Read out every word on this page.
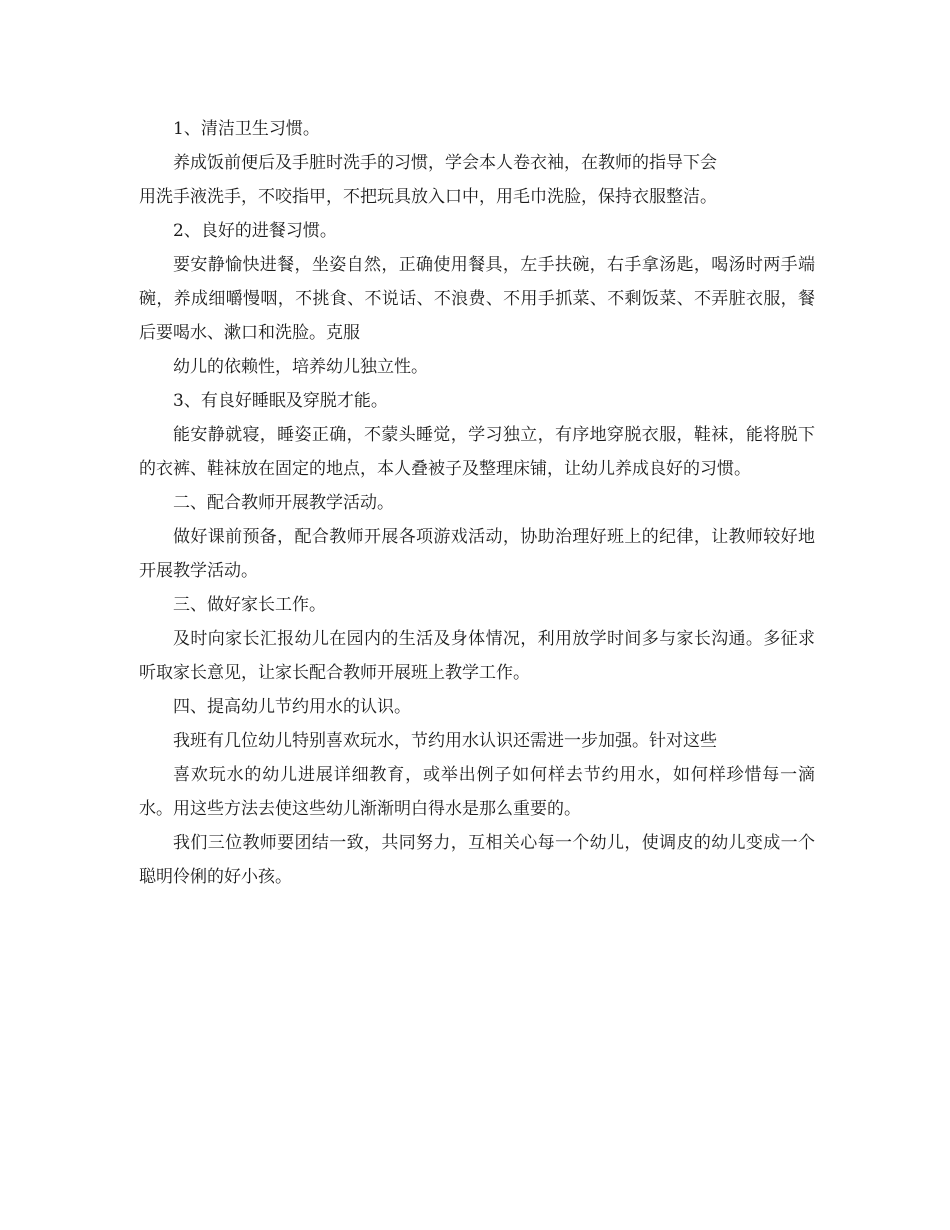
1、清洁卫生习惯。

养成饭前便后及手脏时洗手的习惯，学会本人卷衣袖，在教师的指导下会

用洗手液洗手，不咬指甲，不把玩具放入口中，用毛巾洗脸，保持衣服整洁。

2、良好的进餐习惯。

要安静愉快进餐，坐姿自然，正确使用餐具，左手扶碗，右手拿汤匙，喝汤时两手端碗，养成细嚼慢咽，不挑食、不说话、不浪费、不用手抓菜、不剩饭菜、不弄脏衣服，餐后要喝水、漱口和洗脸。克服

幼儿的依赖性，培养幼儿独立性。

3、有良好睡眠及穿脱才能。

能安静就寝，睡姿正确，不蒙头睡觉，学习独立，有序地穿脱衣服，鞋袜，能将脱下的衣裤、鞋袜放在固定的地点，本人叠被子及整理床铺，让幼儿养成良好的习惯。

二、配合教师开展教学活动。

做好课前预备，配合教师开展各项游戏活动，协助治理好班上的纪律，让教师较好地开展教学活动。

三、做好家长工作。

及时向家长汇报幼儿在园内的生活及身体情况，利用放学时间多与家长沟通。多征求听取家长意见，让家长配合教师开展班上教学工作。

四、提高幼儿节约用水的认识。

我班有几位幼儿特别喜欢玩水，节约用水认识还需进一步加强。针对这些

喜欢玩水的幼儿进展详细教育，或举出例子如何样去节约用水，如何样珍惜每一滴水。用这些方法去使这些幼儿渐渐明白得水是那么重要的。

我们三位教师要团结一致，共同努力，互相关心每一个幼儿，使调皮的幼儿变成一个聪明伶俐的好小孩。
